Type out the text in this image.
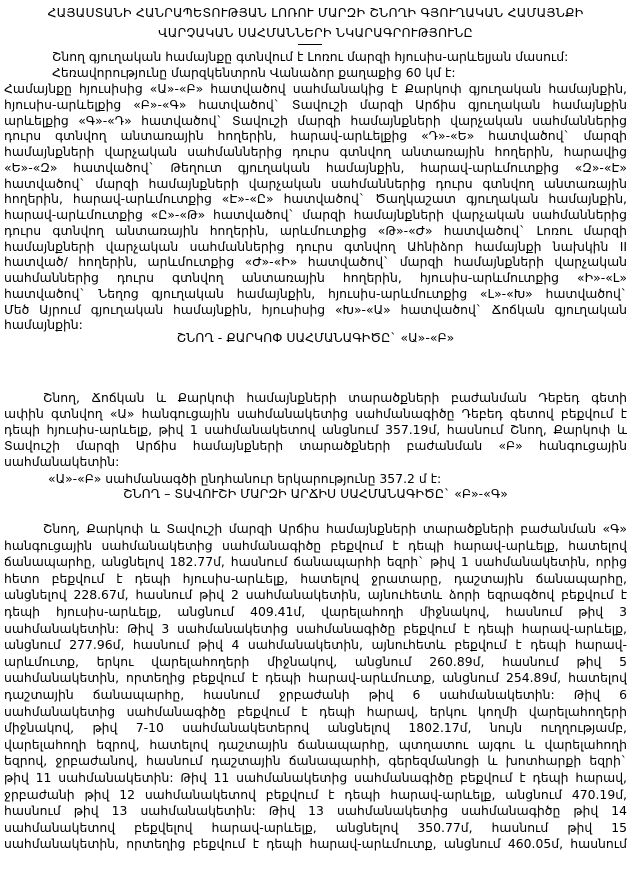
ՀԱՅԱՍՏԱՆԻ ՀԱՆՐԱՊԵՏՈՒԹՅԱՆ ԼՈՌՈՒ ՄԱՐԶԻ ՇՆՈՂԻ ԳՅՈՒՂԱԿԱՆ ՀԱՄԱՅՆՔԻ
ՎԱՐՉԱԿԱՆ ՍԱՀՄԱՆՆԵՐԻ ՆԿԱՐԱԳՐՈՒԹՅՈՒՆԸ
Շնող գյուղական համայնքը գտնվում է Լոռու մարզի հյուսիս-արևելյան մասում:
Հեռավորությունը մարզկենտրոն Վանաձոր քաղաքից 60 կմ է:
Համայնքը հյուսիսից «Ա»-«Բ» հատվածով սահմանակից է Քարկոփ գյուղական համայնքին,
հյուսիս-արևելքից «Բ»-«Գ» հատվածով` Տավուշի մարզի Արճիս գյուղական համայնքին
արևելքից «Գ»-«Դ» հատվածով` Տավուշի մարզի համայնքների վարչական սահմաններից
դուրս գտնվող անտառային հողերին, հարավ-արևելքից «Դ»-«Ե» հատվածով` մարզի
համայնքների վարչական սահմաններից դուրս գտնվող անտառային հողերին, հարավից
«Ե»-«Զ» հատվածով` Թեղուտ գյուղական համայնքին, հարավ-արևմուտքից «Զ»-«Է»
հատվածով` մարզի համայնքների վարչական սահմաններից դուրս գտնվող անտառային
հողերին, հարավ-արևմուտքից «Է»-«Ը» հատվածով` Ծաղկաշատ գյուղական համայնքին,
հարավ-արևմուտքից «Ը»-«Թ» հատվածով` մարզի համայնքների վարչական սահմաններից
դուրս գտնվող անտառային հողերին, արևմուտքից «Թ»-«Ժ» հատվածով` Լոռու մարզի
համայնքների վարչական սահմաններից դուրս գտնվող Ահնիձոր համայնքի նախկին II
հատված/ հողերին, արևմուտքից «Ժ»-«Ի» հատվածով` մարզի համայնքների վարչական
սահմաններից դուրս գտնվող անտառային հողերին, հյուսիս-արևմուտքից «Ի»-«Լ»
հատվածով` Նեղոց գյուղական համայնքին, հյուսիս-արևմուտքից «Լ»-«Խ» հատվածով`
Մեծ Այրում գյուղական համայնքին, հյուսիսից «Խ»-«Ա» հատվածով` Ճոճկան գյուղական
համայնքին:
ՇՆՈՂ - ՔԱՐԿՈՓ ՍԱՀՄԱՆԱԳԻԾԸ` «Ա»-«Բ»
Շնող, Ճոճկան և Քարկոփ համայնքների տարածքների բաժանման Դեբեդ գետի
ափին գտնվող «Ա» հանգուցային սահմանակետից սահմանագիծը Դեբեդ գետով բեքվում է
դեպի հյուսիս-արևելք, թիվ 1 սահմանակետով անցնում 357.19մ, հասնում Շնող, Քարկոփ և
Տավուշի մարզի Արճիս համայնքների տարածքների բաժանման «Բ» հանգուցային
սահմանակետին:
«Ա»-«Բ» սահմանագծի ընդհանուր երկարությունը 357.2 մ է:
ՇՆՈՂ – ՏԱՎՈՒՇԻ ՄԱՐԶԻ ԱՐՃԻՍ ՍԱՀՄԱՆԱԳԻԾԸ` «Բ»-«Գ»
Շնող, Քարկոփ և Տավուշի մարզի Արճիս համայնքների տարածքների բաժանման «Գ»
հանգուցային սահմանակետից սահմանագիծը բեքվում է դեպի հարավ-արևելք, հատելով
ճանապարհը, անցնելով 182.77մ, հասնում ճանապարհի եզրի` թիվ 1 սահմանակետին, որից
հետո բեքվում է դեպի հյուսիս-արևելք, հատելով ջրատարը, դաշտային ճանապարհը,
անցնելով 228.67մ, հասնում թիվ 2 սահմանակետին, այնուհետև ձորի եզրագծով բեքվում է
դեպի հյուսիս-արևելք, անցնում 409.41մ, վարելահողի միջնակով, հասնում թիվ 3
սահմանակետին: Թիվ 3 սահմանակետից սահմանագիծը բեքվում է դեպի հարավ-արևելք,
անցնում 277.96մ, հասնում թիվ 4 սահմանակետին, այնուհետև բեքվում է դեպի հարավ-
արևմուտք, երկու վարելահողերի միջնակով, անցնում 260.89մ, հասնում թիվ 5
սահմանակետին, որտեղից բեքվում է դեպի հարավ-արևմուտք, անցնում 254.89մ, հատելով
դաշտային ճանապարհը, հասնում ջրբաժանի թիվ 6 սահմանակետին: Թիվ 6
սահմանակետից սահմանագիծը բեքվում է դեպի հարավ, երկու կողմի վարելահողերի
միջնակով, թիվ 7-10 սահմանակետերով անցնելով 1802.17մ, նույն ուղղությամբ,
վարելահողի եզրով, հատելով դաշտային ճանապարհը, պտղատու այգու և վարելահողի
եզրով, ջրբաժանով, հասնում դաշտային ճանապարհի, գերեզմանոցի և խոտհարքի եզրի`
թիվ 11 սահմանակետին: Թիվ 11 սահմանակետից սահմանագիծը բեքվում է դեպի հարավ,
ջրբաժանի թիվ 12 սահմանակետով բեքվում է դեպի հարավ-արևելք, անցնում 470.19մ,
հասնում թիվ 13 սահմանակետին: Թիվ 13 սահմանակետից սահմանագիծը թիվ 14
սահմանակետով բեքվելով հարավ-արևելք, անցնելով 350.77մ, հասնում թիվ 15
սահմանակետին, որտեղից բեքվում է դեպի հարավ-արևմուտք, անցնում 460.05մ, հասնում
